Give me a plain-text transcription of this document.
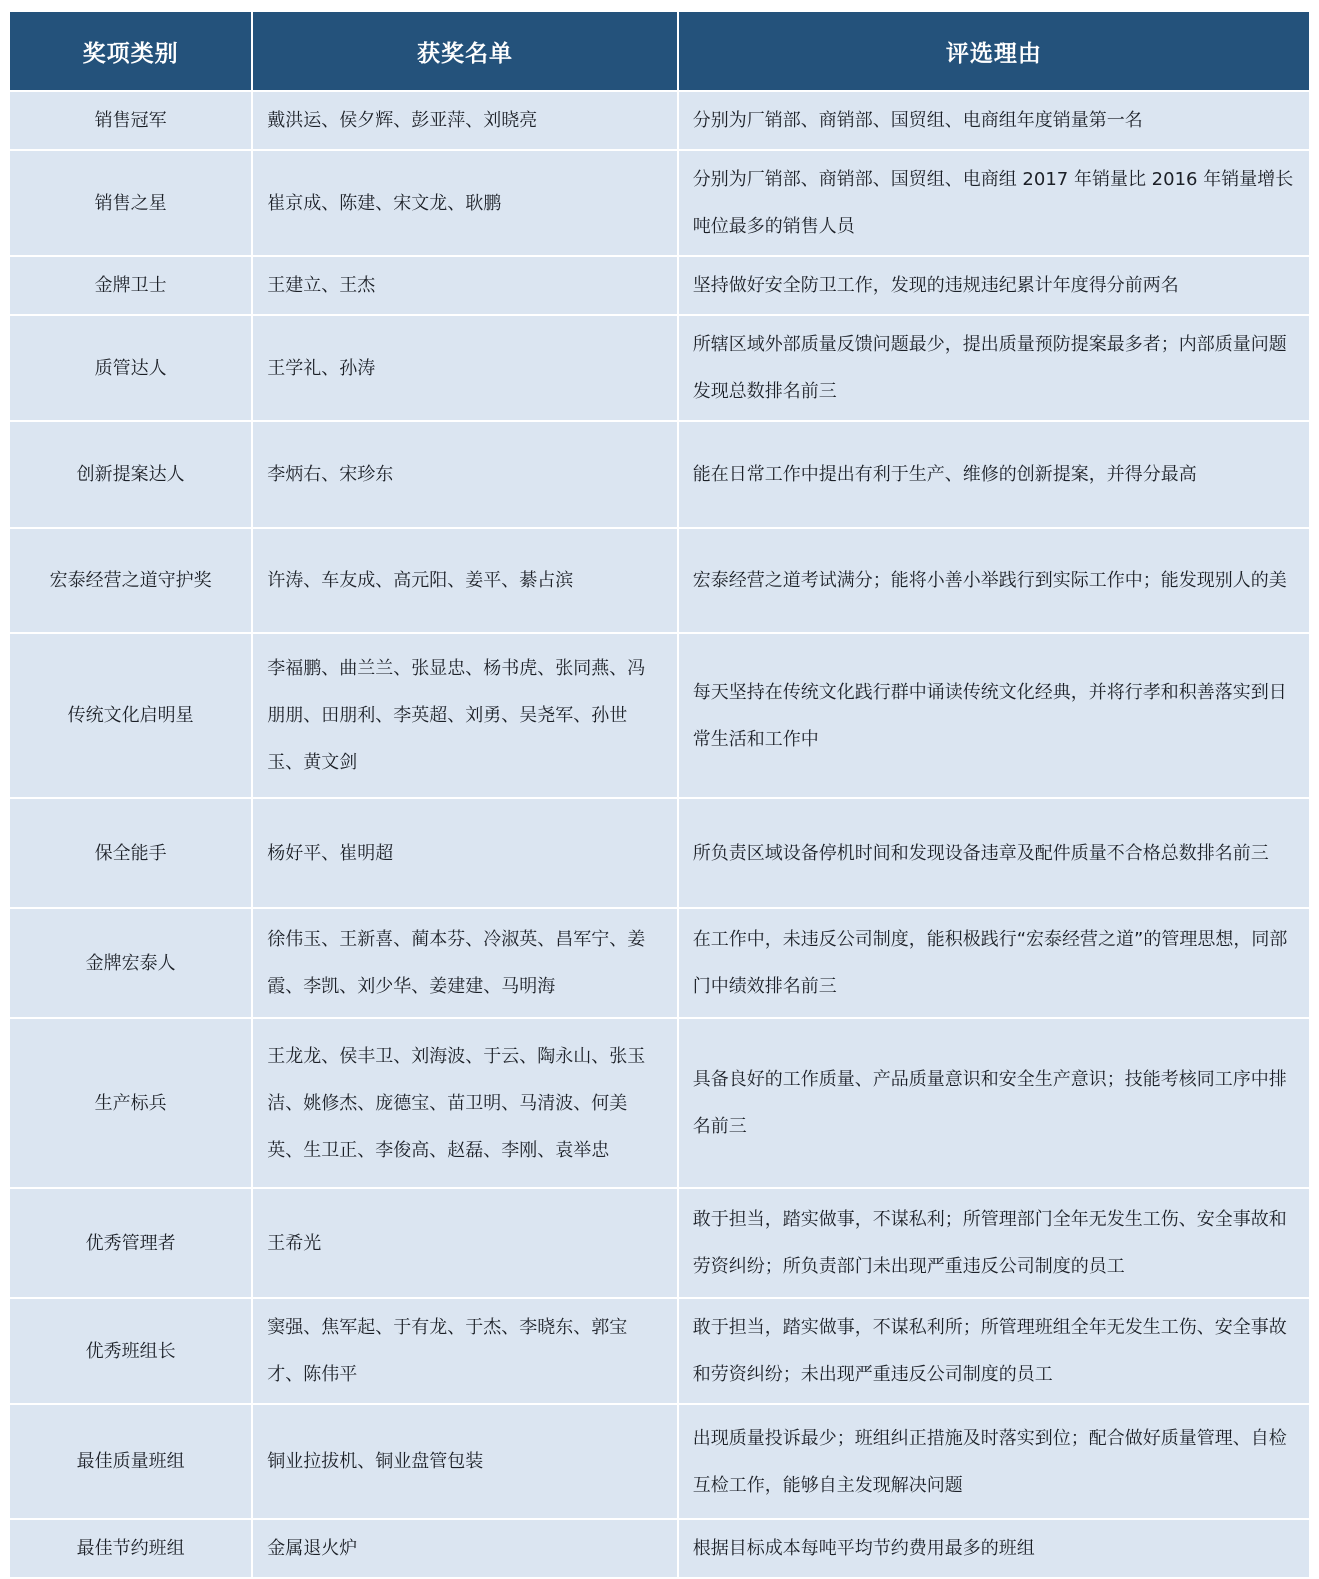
奖项类别	获奖名单	评选理由
销售冠军	戴洪运、侯夕辉、彭亚萍、刘晓亮	分别为厂销部、商销部、国贸组、电商组年度销量第一名
销售之星	崔京成、陈建、宋文龙、耿鹏	分别为厂销部、商销部、国贸组、电商组 2017 年销量比 2016 年销量增长吨位最多的销售人员
金牌卫士	王建立、王杰	坚持做好安全防卫工作，发现的违规违纪累计年度得分前两名
质管达人	王学礼、孙涛	所辖区域外部质量反馈问题最少，提出质量预防提案最多者；内部质量问题发现总数排名前三
创新提案达人	李炳右、宋珍东	能在日常工作中提出有利于生产、维修的创新提案，并得分最高
宏泰经营之道守护奖	许涛、车友成、高元阳、姜平、綦占滨	宏泰经营之道考试满分；能将小善小举践行到实际工作中；能发现别人的美
传统文化启明星	李福鹏、曲兰兰、张显忠、杨书虎、张同燕、冯朋朋、田朋利、李英超、刘勇、吴尧军、孙世玉、黄文剑	每天坚持在传统文化践行群中诵读传统文化经典，并将行孝和积善落实到日常生活和工作中
保全能手	杨好平、崔明超	所负责区域设备停机时间和发现设备违章及配件质量不合格总数排名前三
金牌宏泰人	徐伟玉、王新喜、蔺本芬、冷淑英、昌军宁、姜霞、李凯、刘少华、姜建建、马明海	在工作中，未违反公司制度，能积极践行“宏泰经营之道”的管理思想，同部门中绩效排名前三
生产标兵	王龙龙、侯丰卫、刘海波、于云、陶永山、张玉洁、姚修杰、庞德宝、苗卫明、马清波、何美英、生卫正、李俊高、赵磊、李刚、袁举忠	具备良好的工作质量、产品质量意识和安全生产意识；技能考核同工序中排名前三
优秀管理者	王希光	敢于担当，踏实做事，不谋私利；所管理部门全年无发生工伤、安全事故和劳资纠纷；所负责部门未出现严重违反公司制度的员工
优秀班组长	窦强、焦军起、于有龙、于杰、李晓东、郭宝才、陈伟平	敢于担当，踏实做事，不谋私利所；所管理班组全年无发生工伤、安全事故和劳资纠纷；未出现严重违反公司制度的员工
最佳质量班组	铜业拉拔机、铜业盘管包装	出现质量投诉最少；班组纠正措施及时落实到位；配合做好质量管理、自检互检工作，能够自主发现解决问题
最佳节约班组	金属退火炉	根据目标成本每吨平均节约费用最多的班组
